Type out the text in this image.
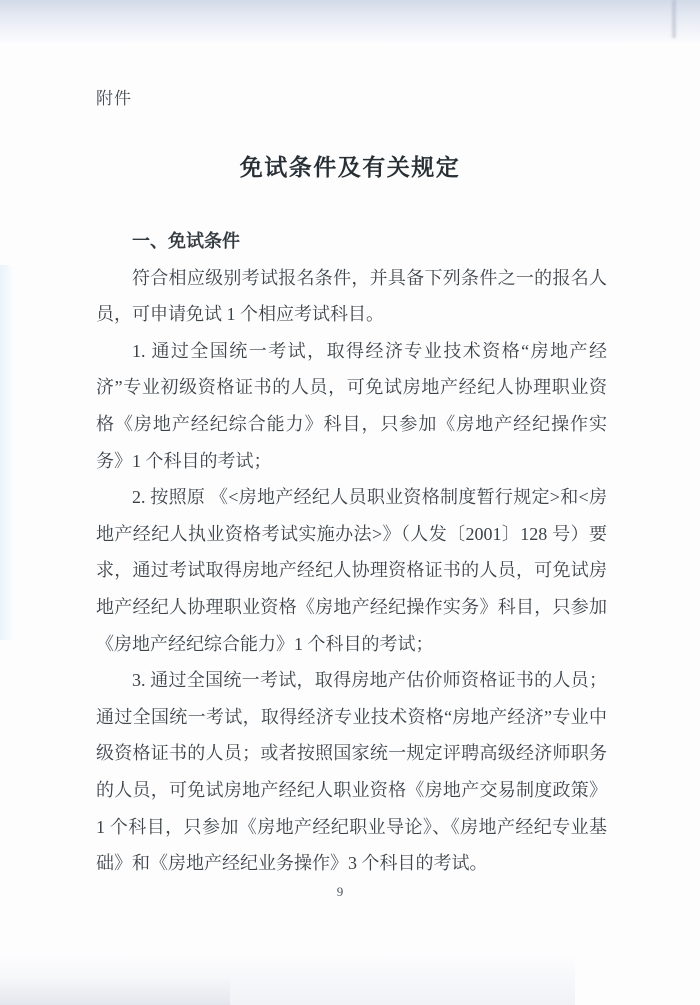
附件
免试条件及有关规定
一、免试条件

符合相应级别考试报名条件，并具备下列条件之一的报名人员，可申请免试 1 个相应考试科目。

1. 通过全国统一考试，取得经济专业技术资格“房地产经济”专业初级资格证书的人员，可免试房地产经纪人协理职业资格《房地产经纪综合能力》科目，只参加《房地产经纪操作实务》1 个科目的考试；

2. 按照原 《<房地产经纪人员职业资格制度暂行规定>和<房地产经纪人执业资格考试实施办法>》（人发〔2001〕128 号）要求，通过考试取得房地产经纪人协理资格证书的人员，可免试房地产经纪人协理职业资格《房地产经纪操作实务》科目，只参加《房地产经纪综合能力》1 个科目的考试；

3. 通过全国统一考试，取得房地产估价师资格证书的人员；通过全国统一考试，取得经济专业技术资格“房地产经济”专业中级资格证书的人员；或者按照国家统一规定评聘高级经济师职务的人员，可免试房地产经纪人职业资格《房地产交易制度政策》1 个科目，只参加《房地产经纪职业导论》、《房地产经纪专业基础》和《房地产经纪业务操作》3 个科目的考试。

9
